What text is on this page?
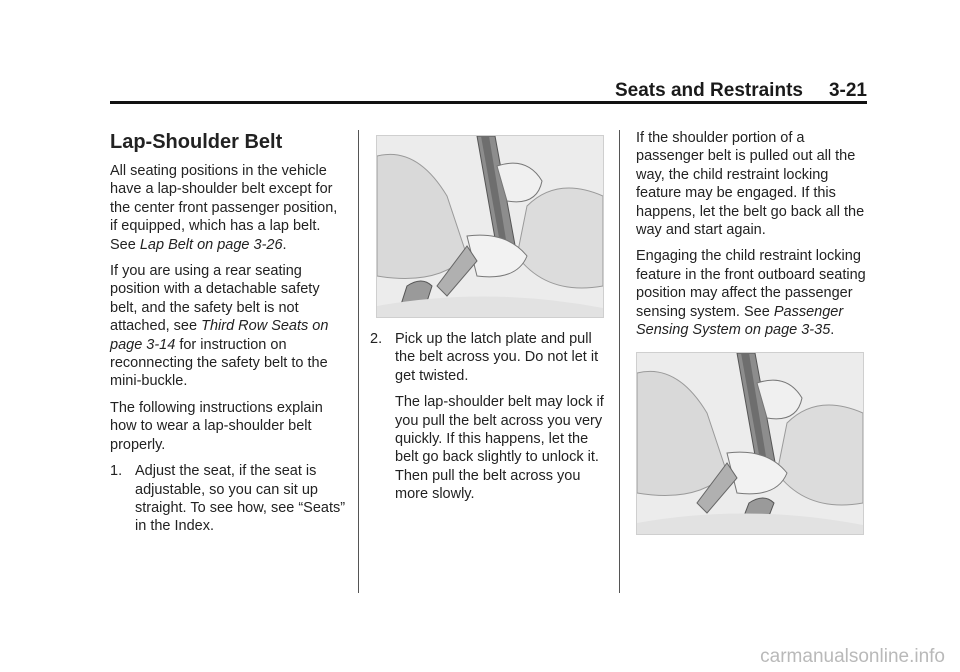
Seats and Restraints 3-21
Lap-Shoulder Belt

All seating positions in the vehicle have a lap-shoulder belt except for the center front passenger position, if equipped, which has a lap belt. See Lap Belt on page 3-26.

If you are using a rear seating position with a detachable safety belt, and the safety belt is not attached, see Third Row Seats on page 3-14 for instruction on reconnecting the safety belt to the mini-buckle.

The following instructions explain how to wear a lap-shoulder belt properly.

1. Adjust the seat, if the seat is adjustable, so you can sit up straight. To see how, see “Seats” in the Index.
2. Pick up the latch plate and pull the belt across you. Do not let it get twisted.

The lap-shoulder belt may lock if you pull the belt across you very quickly. If this happens, let the belt go back slightly to unlock it. Then pull the belt across you more slowly.

If the shoulder portion of a passenger belt is pulled out all the way, the child restraint locking feature may be engaged. If this happens, let the belt go back all the way and start again.

Engaging the child restraint locking feature in the front outboard seating position may affect the passenger sensing system. See Passenger Sensing System on page 3-35.

carmanualsonline.info
